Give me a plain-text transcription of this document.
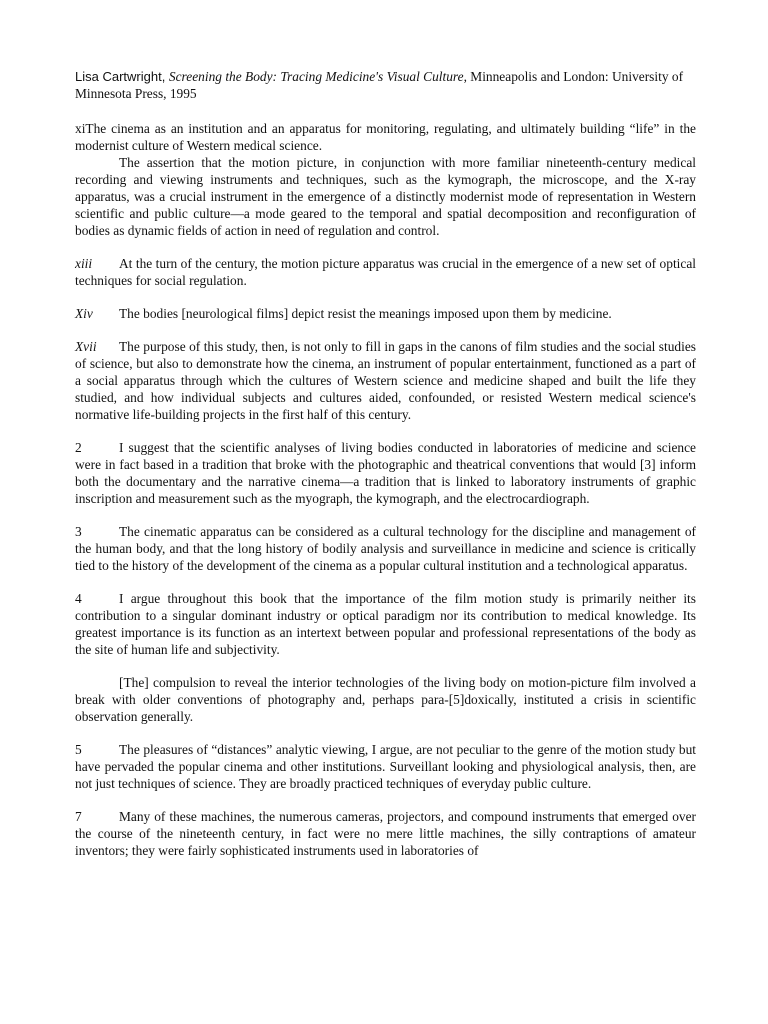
Lisa Cartwright, Screening the Body: Tracing Medicine's Visual Culture, Minneapolis and London: University of Minnesota Press, 1995

xiThe cinema as an institution and an apparatus for monitoring, regulating, and ultimately building “life” in the modernist culture of Western medical science.

The assertion that the motion picture, in conjunction with more familiar nineteenth-century medical recording and viewing instruments and techniques, such as the kymograph, the microscope, and the X-ray apparatus, was a crucial instrument in the emergence of a distinctly modernist mode of representation in Western scientific and public culture—a mode geared to the temporal and spatial decomposition and reconfiguration of bodies as dynamic fields of action in need of regulation and control.

xiii At the turn of the century, the motion picture apparatus was crucial in the emergence of a new set of optical techniques for social regulation.

Xiv The bodies [neurological films] depict resist the meanings imposed upon them by medicine.

Xvii The purpose of this study, then, is not only to fill in gaps in the canons of film studies and the social studies of science, but also to demonstrate how the cinema, an instrument of popular entertainment, functioned as a part of a social apparatus through which the cultures of Western science and medicine shaped and built the life they studied, and how individual subjects and cultures aided, confounded, or resisted Western medical science's normative life-building projects in the first half of this century.

2	I suggest that the scientific analyses of living bodies conducted in laboratories of medicine and science were in fact based in a tradition that broke with the photographic and theatrical conventions that would [3] inform both the documentary and the narrative cinema—a tradition that is linked to laboratory instruments of graphic inscription and measurement such as the myograph, the kymograph, and the electrocardiograph.

3	The cinematic apparatus can be considered as a cultural technology for the discipline and management of the human body, and that the long history of bodily analysis and surveillance in medicine and science is critically tied to the history of the development of the cinema as a popular cultural institution and a technological apparatus.

4	I argue throughout this book that the importance of the film motion study is primarily neither its contribution to a singular dominant industry or optical paradigm nor its contribution to medical knowledge. Its greatest importance is its function as an intertext between popular and professional representations of the body as the site of human life and subjectivity.

[The] compulsion to reveal the interior technologies of the living body on motion-picture film involved a break with older conventions of photography and, perhaps para-[5]doxically, instituted a crisis in scientific observation generally.

5	The pleasures of “distances” analytic viewing, I argue, are not peculiar to the genre of the motion study but have pervaded the popular cinema and other institutions. Surveillant looking and physiological analysis, then, are not just techniques of science. They are broadly practiced techniques of everyday public culture.

7	Many of these machines, the numerous cameras, projectors, and compound instruments that emerged over the course of the nineteenth century, in fact were no mere little machines, the silly contraptions of amateur inventors; they were fairly sophisticated instruments used in laboratories of
